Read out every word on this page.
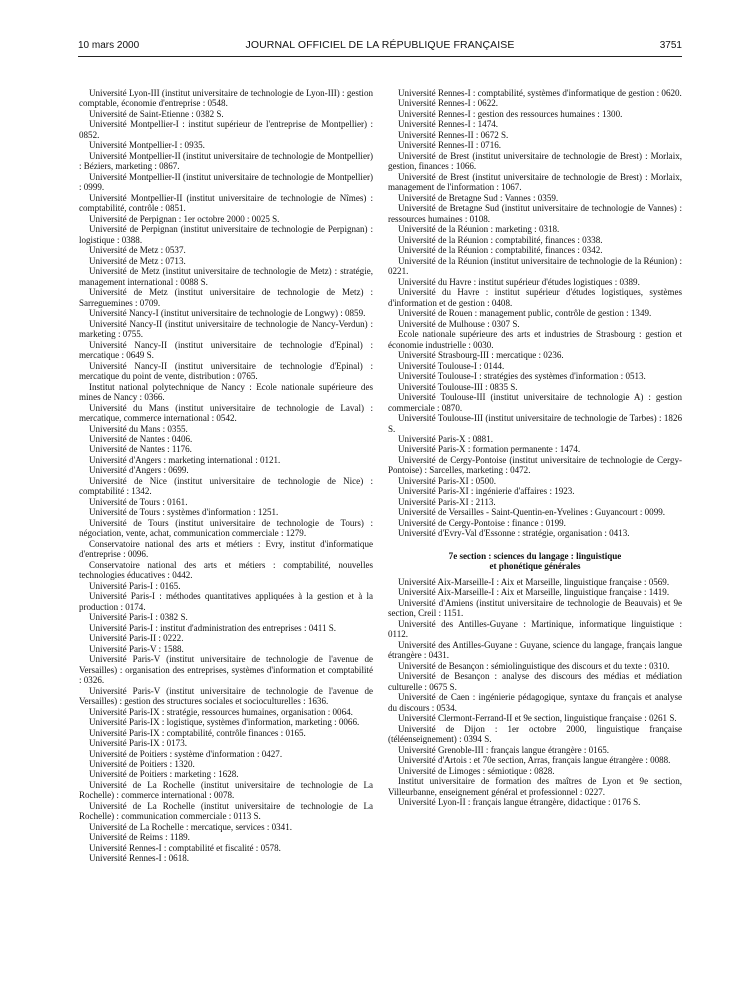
10 mars 2000	JOURNAL OFFICIEL DE LA RÉPUBLIQUE FRANÇAISE	3751

Université Lyon-III (institut universitaire de technologie de Lyon-III) : gestion comptable, économie d'entreprise : 0548.

Université de Saint-Etienne : 0382 S.

Université Montpellier-I : institut supérieur de l'entreprise de Montpellier) : 0852.

Université Montpellier-I : 0935.

Université Montpellier-II (institut universitaire de technologie de Montpellier) : Béziers, marketing : 0867.

Université Montpellier-II (institut universitaire de technologie de Montpellier) : 0999.

Université Montpellier-II (institut universitaire de technologie de Nîmes) : comptabilité, contrôle : 0851.

Université de Perpignan : 1er octobre 2000 : 0025 S.

Université de Perpignan (institut universitaire de technologie de Perpignan) : logistique : 0388.

Université de Metz : 0537.

Université de Metz : 0713.

Université de Metz (institut universitaire de technologie de Metz) : stratégie, management international : 0088 S.

Université de Metz (institut universitaire de technologie de Metz) : Sarreguemines : 0709.

Université Nancy-I (institut universitaire de technologie de Longwy) : 0859.

Université Nancy-II (institut universitaire de technologie de Nancy-Verdun) : marketing : 0755.

Université Nancy-II (institut universitaire de technologie d'Epinal) : mercatique : 0649 S.

Université Nancy-II (institut universitaire de technologie d'Epinal) : mercatique du point de vente, distribution : 0765.

Institut national polytechnique de Nancy : Ecole nationale supérieure des mines de Nancy : 0366.

Université du Mans (institut universitaire de technologie de Laval) : mercatique, commerce international : 0542.

Université du Mans : 0355.

Université de Nantes : 0406.

Université de Nantes : 1176.

Université d'Angers : marketing international : 0121.

Université d'Angers : 0699.

Université de Nice (institut universitaire de technologie de Nice) : comptabilité : 1342.

Université de Tours : 0161.

Université de Tours : systèmes d'information : 1251.

Université de Tours (institut universitaire de technologie de Tours) : négociation, vente, achat, communication commerciale : 1279.

Conservatoire national des arts et métiers : Evry, institut d'informatique d'entreprise : 0096.

Conservatoire national des arts et métiers : comptabilité, nouvelles technologies éducatives : 0442.

Université Paris-I : 0165.

Université Paris-I : méthodes quantitatives appliquées à la gestion et à la production : 0174.

Université Paris-I : 0382 S.

Université Paris-I : institut d'administration des entreprises : 0411 S.

Université Paris-II : 0222.

Université Paris-V : 1588.

Université Paris-V (institut universitaire de technologie de l'avenue de Versailles) : organisation des entreprises, systèmes d'information et comptabilité : 0326.

Université Paris-V (institut universitaire de technologie de l'avenue de Versailles) : gestion des structures sociales et socioculturelles : 1636.

Université Paris-IX : stratégie, ressources humaines, organisation : 0064.

Université Paris-IX : logistique, systèmes d'information, marketing : 0066.

Université Paris-IX : comptabilité, contrôle finances : 0165.

Université Paris-IX : 0173.

Université de Poitiers : système d'information : 0427.

Université de Poitiers : 1320.

Université de Poitiers : marketing : 1628.

Université de La Rochelle (institut universitaire de technologie de La Rochelle) : commerce international : 0078.

Université de La Rochelle (institut universitaire de technologie de La Rochelle) : communication commerciale : 0113 S.

Université de La Rochelle : mercatique, services : 0341.

Université de Reims : 1189.

Université Rennes-I : comptabilité et fiscalité : 0578.

Université Rennes-I : 0618.

Université Rennes-I : comptabilité, systèmes d'informatique de gestion : 0620.

Université Rennes-I : 0622.

Université Rennes-I : gestion des ressources humaines : 1300.

Université Rennes-I : 1474.

Université Rennes-II : 0672 S.

Université Rennes-II : 0716.

Université de Brest (institut universitaire de technologie de Brest) : Morlaix, gestion, finances : 1066.

Université de Brest (institut universitaire de technologie de Brest) : Morlaix, management de l'information : 1067.

Université de Bretagne Sud : Vannes : 0359.

Université de Bretagne Sud (institut universitaire de technologie de Vannes) : ressources humaines : 0108.

Université de la Réunion : marketing : 0318.

Université de la Réunion : comptabilité, finances : 0338.

Université de la Réunion : comptabilité, finances : 0342.

Université de la Réunion (institut universitaire de technologie de la Réunion) : 0221.

Université du Havre : institut supérieur d'études logistiques : 0389.

Université du Havre : institut supérieur d'études logistiques, systèmes d'information et de gestion : 0408.

Université de Rouen : management public, contrôle de gestion : 1349.

Université de Mulhouse : 0307 S.

Ecole nationale supérieure des arts et industries de Strasbourg : gestion et économie industrielle : 0030.

Université Strasbourg-III : mercatique : 0236.

Université Toulouse-I : 0144.

Université Toulouse-I : stratégies des systèmes d'information : 0513.

Université Toulouse-III : 0835 S.

Université Toulouse-III (institut universitaire de technologie A) : gestion commerciale : 0870.

Université Toulouse-III (institut universitaire de technologie de Tarbes) : 1826 S.

Université Paris-X : 0881.

Université Paris-X : formation permanente : 1474.

Université de Cergy-Pontoise (institut universitaire de technologie de Cergy-Pontoise) : Sarcelles, marketing : 0472.

Université Paris-XI : 0500.

Université Paris-XI : ingénierie d'affaires : 1923.

Université Paris-XI : 2113.

Université de Versailles - Saint-Quentin-en-Yvelines : Guyancourt : 0099.

Université de Cergy-Pontoise : finance : 0199.

Université d'Evry-Val d'Essonne : stratégie, organisation : 0413.

7e section : sciences du langage : linguistique
et phonétique générales

Université Aix-Marseille-I : Aix et Marseille, linguistique française : 0569.

Université Aix-Marseille-I : Aix et Marseille, linguistique française : 1419.

Université d'Amiens (institut universitaire de technologie de Beauvais) et 9e section, Creil : 1151.

Université des Antilles-Guyane : Martinique, informatique linguistique : 0112.

Université des Antilles-Guyane : Guyane, science du langage, français langue étrangère : 0431.

Université de Besançon : sémiolinguistique des discours et du texte : 0310.

Université de Besançon : analyse des discours des médias et médiation culturelle : 0675 S.

Université de Caen : ingénierie pédagogique, syntaxe du français et analyse du discours : 0534.

Université Clermont-Ferrand-II et 9e section, linguistique française : 0261 S.

Université de Dijon : 1er octobre 2000, linguistique française (téléenseignement) : 0394 S.

Université Grenoble-III : français langue étrangère : 0165.

Université d'Artois : et 70e section, Arras, français langue étrangère : 0088.

Université de Limoges : sémiotique : 0828.

Institut universitaire de formation des maîtres de Lyon et 9e section, Villeurbanne, enseignement général et professionnel : 0227.

Université Lyon-II : français langue étrangère, didactique : 0176 S.
